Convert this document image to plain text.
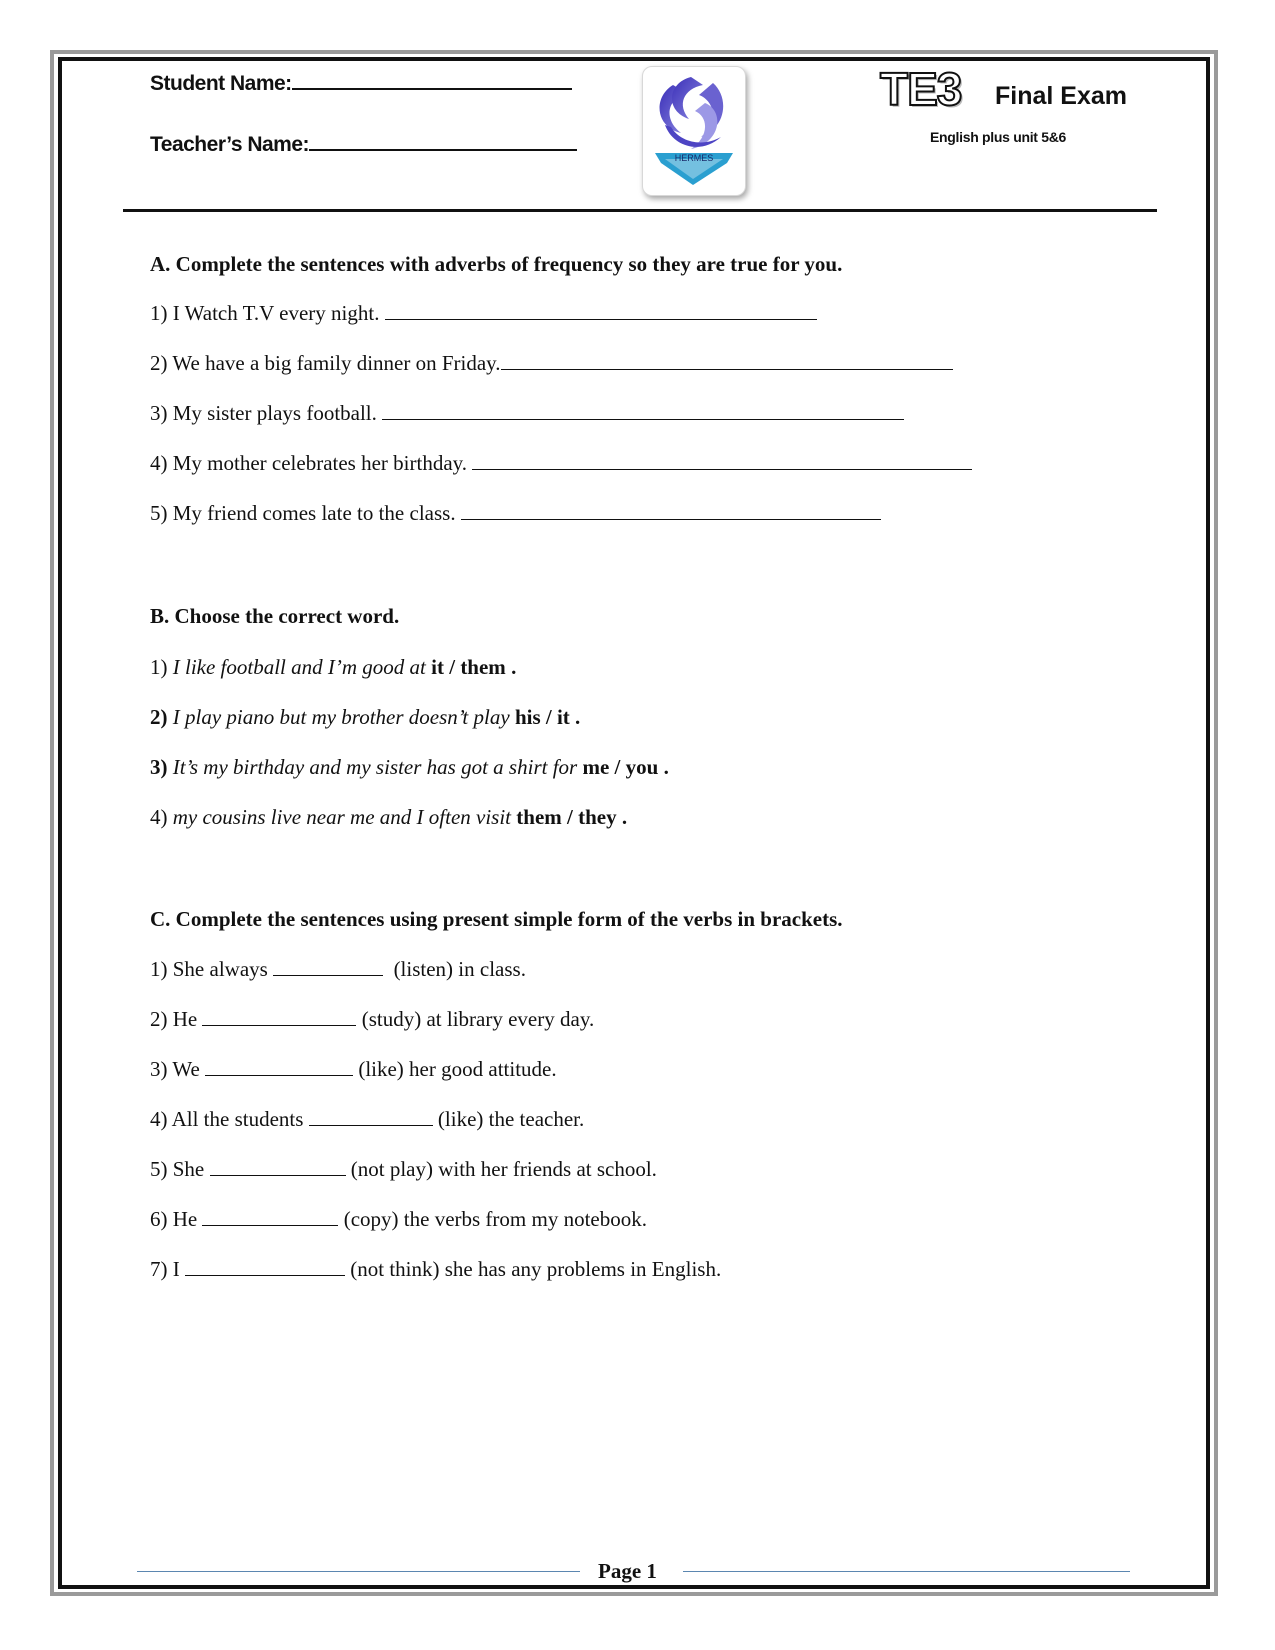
Student Name:
Teacher’s Name:
HERMES
TE3 Final Exam
English plus unit 5&6
A. Complete the sentences with adverbs of frequency so they are true for you.
1) I Watch T.V every night.
2) We have a big family dinner on Friday.
3) My sister plays football.
4) My mother celebrates her birthday.
5) My friend comes late to the class.
B. Choose the correct word.
1) I like football and I’m good at it / them .
2) I play piano but my brother doesn’t play his / it .
3) It’s my birthday and my sister has got a shirt for me / you .
4) my cousins live near me and I often visit them / they .
C. Complete the sentences using present simple form of the verbs in brackets.
1) She always	(listen) in class.
2) He	(study) at library every day.
3) We	(like) her good attitude.
4) All the students	(like) the teacher.
5) She	(not play) with her friends at school.
6) He	(copy) the verbs from my notebook.
7) I	(not think) she has any problems in English.
Page 1
